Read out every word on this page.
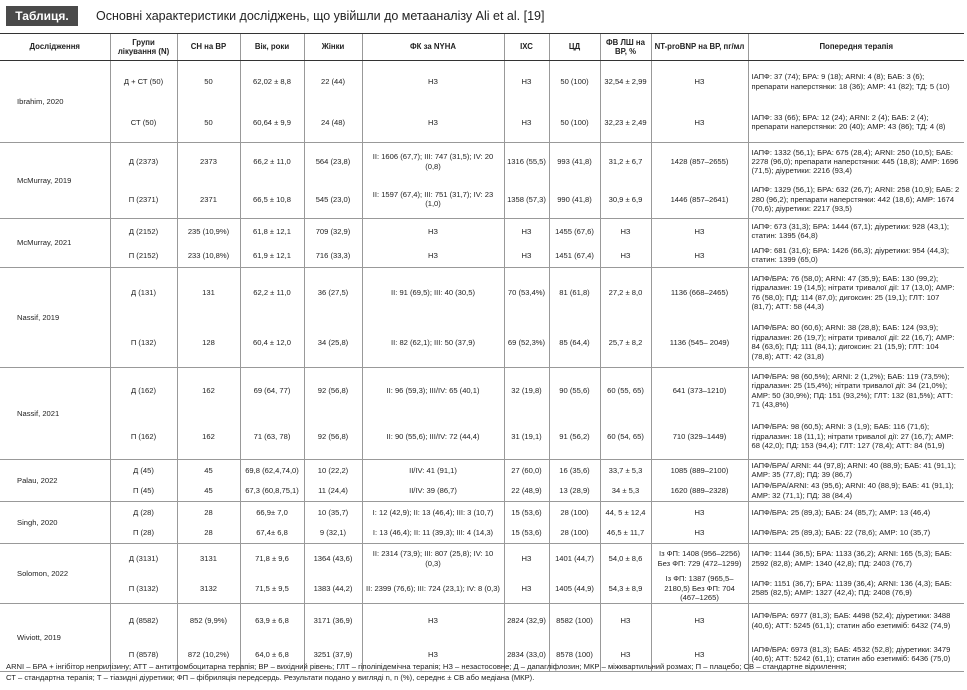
Таблиця.	Основні характеристики досліджень, що увійшли до метааналізу Ali et al. [19]
Дослідження	Групи лікування (N)	СН на ВР	Вік, роки	Жінки	ФК за NYHA	ІХС	ЦД	ФВ ЛШ на ВР, %	NT-proBNP на ВР, пг/мл	Попередня терапія
Ibrahim, 2020	Д + СТ (50)	50	62,02 ± 8,8	22 (44)	НЗ	НЗ	50 (100)	32,54 ± 2,99	НЗ	ІАПФ: 37 (74); БРА: 9 (18); ARNI: 4 (8); БАБ: 3 (6); препарати наперстянки: 18 (36); AMP: 41 (82); ТД: 5 (10)
	СТ (50)	50	60,64 ± 9,9	24 (48)	НЗ	НЗ	50 (100)	32,23 ± 2,49	НЗ	ІАПФ: 33 (66); БРА: 12 (24); ARNI: 2 (4); БАБ: 2 (4); препарати наперстянки: 20 (40); AMP: 43 (86); ТД: 4 (8)
McMurray, 2019	Д (2373)	2373	66,2 ± 11,0	564 (23,8)	ІІ: 1606 (67,7); ІІІ: 747 (31,5); IV: 20 (0,8)	1316 (55,5)	993 (41,8)	31,2 ± 6,7	1428 (857–2655)	ІАПФ: 1332 (56,1); БРА: 675 (28,4); ARNI: 250 (10,5); БАБ: 2278 (96,0); препарати наперстянки: 445 (18,8); AMP: 1696 (71,5); діуретики: 2216 (93,4)
	П (2371)	2371	66,5 ± 10,8	545 (23,0)	ІІ: 1597 (67,4); ІІІ: 751 (31,7); IV: 23 (1,0)	1358 (57,3)	990 (41,8)	30,9 ± 6,9	1446 (857–2641)	ІАПФ: 1329 (56,1); БРА: 632 (26,7); ARNI: 258 (10,9); БАБ: 2 280 (96,2); препарати наперстянки: 442 (18,6); AMP: 1674 (70,6); діуретики: 2217 (93,5)
McMurray, 2021	Д (2152)	235 (10,9%)	61,8 ± 12,1	709 (32,9)	НЗ	НЗ	1455 (67,6)	НЗ	НЗ	ІАПФ: 673 (31,3); БРА: 1444 (67,1); діуретики: 928 (43,1); статин: 1395 (64,8)
	П (2152)	233 (10,8%)	61,9 ± 12,1	716 (33,3)	НЗ	НЗ	1451 (67,4)	НЗ	НЗ	ІАПФ: 681 (31,6); БРА: 1426 (66,3); діуретики: 954 (44,3); статин: 1399 (65,0)
Nassif, 2019	Д (131)	131	62,2 ± 11,0	36 (27,5)	ІІ: 91 (69,5); ІІІ: 40 (30,5)	70 (53,4%)	81 (61,8)	27,2 ± 8,0	1136 (668–2465)	ІАПФ/БРА: 76 (58,0); ARNI: 47 (35,9); БАБ: 130 (99,2); гідралазин: 19 (14,5); нітрати тривалої дії: 17 (13,0); AMP: 76 (58,0); ПД: 114 (87,0); дигоксин: 25 (19,1); ГЛТ: 107 (81,7); АТТ: 58 (44,3)
	П (132)	128	60,4 ± 12,0	34 (25,8)	ІІ: 82 (62,1); ІІІ: 50 (37,9)	69 (52,3%)	85 (64,4)	25,7 ± 8,2	1136 (545– 2049)	ІАПФ/БРА: 80 (60,6); ARNI: 38 (28,8); БАБ: 124 (93,9); гідралазин: 26 (19,7); нітрати тривалої дії: 22 (16,7); AMP: 84 (63,6); ПД: 111 (84,1); дигоксин: 21 (15,9); ГЛТ: 104 (78,8); АТТ: 42 (31,8)
Nassif, 2021	Д (162)	162	69 (64, 77)	92 (56,8)	ІІ: 96 (59,3); ІІІ/IV: 65 (40,1)	32 (19,8)	90 (55,6)	60 (55, 65)	641 (373–1210)	ІАПФ/БРА: 98 (60,5%); ARNI: 2 (1,2%); БАБ: 119 (73,5%); гідралазин: 25 (15,4%); нітрати тривалої дії: 34 (21,0%); AMP: 50 (30,9%); ПД: 151 (93,2%); ГЛТ: 132 (81,5%); АТТ: 71 (43,8%)
	П (162)	162	71 (63, 78)	92 (56,8)	ІІ: 90 (55,6); ІІІ/IV: 72 (44,4)	31 (19,1)	91 (56,2)	60 (54, 65)	710 (329–1449)	ІАПФ/БРА: 98 (60,5); ARNI: 3 (1,9); БАБ: 116 (71,6); гідралазин: 18 (11,1); нітрати тривалої дії: 27 (16,7); AMP: 68 (42,0); ПД: 153 (94,4); ГЛТ: 127 (78,4); АТТ: 84 (51,9)
Palau, 2022	Д (45)	45	69,8 (62,4,74,0)	10 (22,2)	ІІ/IV: 41 (91,1)	27 (60,0)	16 (35,6)	33,7 ± 5,3	1085 (889–2100)	ІАПФ/БРА/ ARNI: 44 (97,8); ARNI: 40 (88,9); БАБ: 41 (91,1); AMP: 35 (77,8); ПД: 39 (86,7)
	П (45)	45	67,3 (60,8,75,1)	11 (24,4)	ІІ/IV: 39 (86,7)	22 (48,9)	13 (28,9)	34 ± 5,3	1620 (889–2328)	ІАПФ/БРА/ARNI: 43 (95,6); ARNI: 40 (88,9); БАБ: 41 (91,1); AMP: 32 (71,1); ПД: 38 (84,4)
Singh, 2020	Д (28)	28	66,9± 7,0	10 (35,7)	І: 12 (42,9); ІІ: 13 (46,4); ІІІ: 3 (10,7)	15 (53,6)	28 (100)	44, 5 ± 12,4	НЗ	ІАПФ/БРА: 25 (89,3); БАБ: 24 (85,7); AMP: 13 (46,4)
	П (28)	28	67,4± 6,8	9 (32,1)	І: 13 (46,4); ІІ: 11 (39,3); ІІІ: 4 (14,3)	15 (53,6)	28 (100)	46,5 ± 11,7	НЗ	ІАПФ/БРА: 25 (89,3); БАБ: 22 (78,6); AMP: 10 (35,7)
Solomon, 2022	Д (3131)	3131	71,8 ± 9,6	1364 (43,6)	ІІ: 2314 (73,9); ІІІ: 807 (25,8); IV: 10 (0,3)	НЗ	1401 (44,7)	54,0 ± 8,6	Із ФП: 1408 (956–2256) Без ФП: 729 (472–1299)	ІАПФ: 1144 (36,5); БРА: 1133 (36,2); ARNI: 165 (5,3); БАБ: 2592 (82,8); AMP: 1340 (42,8); ПД: 2403 (76,7)
	П (3132)	3132	71,5 ± 9,5	1383 (44,2)	ІІ: 2399 (76,6); ІІІ: 724 (23,1); IV: 8 (0,3)	НЗ	1405 (44,9)	54,3 ± 8,9	Із ФП: 1387 (965,5–2180,5) Без ФП: 704 (467–1265)	ІАПФ: 1151 (36,7); БРА: 1139 (36,4); ARNI: 136 (4,3); БАБ: 2585 (82,5); AMP: 1327 (42,4); ПД: 2408 (76,9)
Wiviott, 2019	Д (8582)	852 (9,9%)	63,9 ± 6,8	3171 (36,9)	НЗ	2824 (32,9)	8582 (100)	НЗ	НЗ	ІАПФ/БРА: 6977 (81,3); БАБ: 4498 (52,4); діуретики: 3488 (40,6); АТТ: 5245 (61,1); статин або езетиміб: 6432 (74,9)
	П (8578)	872 (10,2%)	64,0 ± 6,8	3251 (37,9)	НЗ	2834 (33,0)	8578 (100)	НЗ	НЗ	ІАПФ/БРА: 6973 (81,3); БАБ: 4532 (52,8); діуретики: 3479 (40,6); АТТ: 5242 (61,1); статин або езетиміб: 6436 (75,0)
ARNI – БРА + інгібітор неприлізину; АТТ – антитромбоцитарна терапія; ВР – вихідний рівень; ГЛТ – гіполіпідемічна терапія; НЗ – незастосовне; Д – дапагліфлозин; МКР – міжквартильний розмах; П – плацебо; СВ – стандартне відхилення;
СТ – стандартна терапія; Т – тіазидні діуретики; ФП – фібриляція передсердь. Результати подано у вигляді n, n (%), середнє ± СВ або медіана (МКР).
